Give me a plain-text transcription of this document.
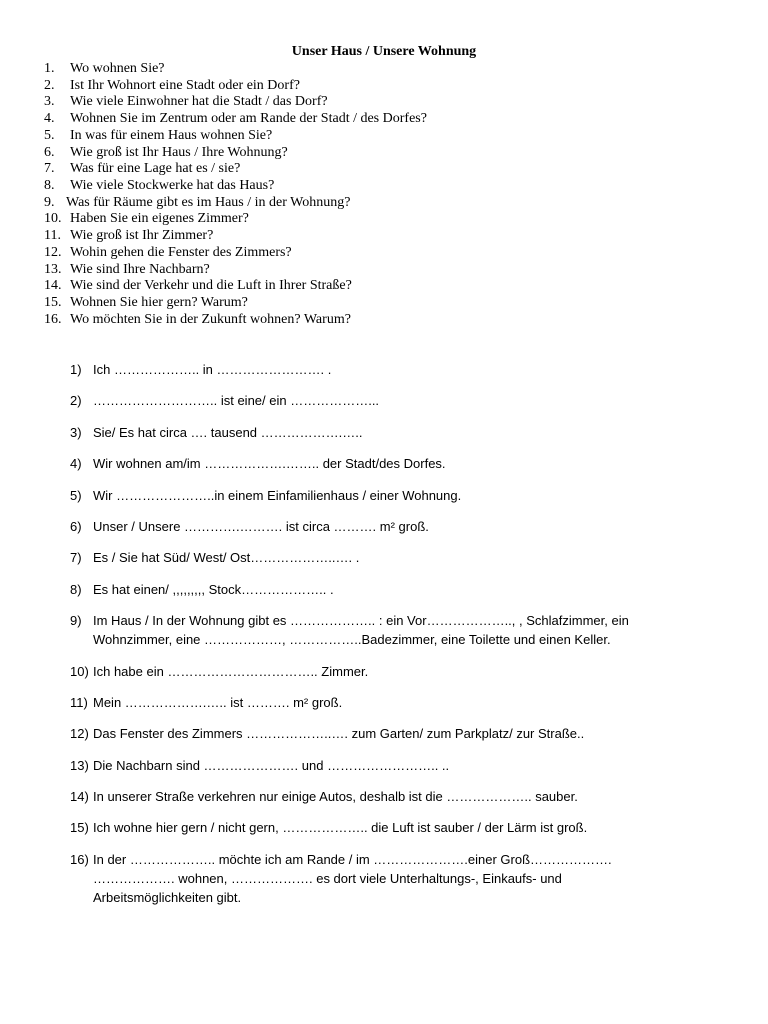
Unser Haus / Unsere Wohnung
1. Wo wohnen Sie?
2. Ist Ihr Wohnort eine Stadt oder ein Dorf?
3. Wie viele Einwohner hat die Stadt / das Dorf?
4. Wohnen Sie im Zentrum oder am Rande der Stadt / des Dorfes?
5. In was für einem Haus wohnen Sie?
6. Wie groß ist Ihr Haus / Ihre Wohnung?
7. Was für eine Lage hat es / sie?
8. Wie viele Stockwerke hat das Haus?
9. Was für Räume gibt es im Haus / in der Wohnung?
10. Haben Sie ein eigenes Zimmer?
11. Wie groß ist Ihr Zimmer?
12. Wohin gehen die Fenster des Zimmers?
13. Wie sind Ihre Nachbarn?
14. Wie sind der Verkehr und die Luft in Ihrer Straße?
15. Wohnen Sie hier gern? Warum?
16. Wo möchten Sie in der Zukunft wohnen? Warum?
1) Ich ……………….. in ……………………. .
2) ……………………….. ist eine/ ein ………………...
3) Sie/ Es hat circa …. tausend ……………….…..
4) Wir wohnen am/im ……………….…….. der Stadt/des Dorfes.
5) Wir …………………..in einem Einfamilienhaus / einer Wohnung.
6) Unser / Unsere ………….………. ist circa ………. m² groß.
7) Es / Sie hat Süd/ West/ Ost………………..…. .
8) Es hat einen/ ,,,,,,,,, Stock……………….. .
9) Im Haus / In der Wohnung gibt es ……………….. : ein Vor……………….., , Schlafzimmer, ein
Wohnzimmer, eine ………………, ……………..Badezimmer, eine Toilette und einen Keller.
10) Ich habe ein …………………………….. Zimmer.
11) Mein ……………….….. ist ………. m² groß.
12) Das Fenster des Zimmers ………………..…. zum Garten/ zum Parkplatz/ zur Straße..
13) Die Nachbarn sind …………………. und …………………….. ..
14) In unserer Straße verkehren nur einige Autos, deshalb ist die ……………….. sauber.
15) Ich wohne hier gern / nicht gern, ……………….. die Luft ist sauber / der Lärm ist groß.
16) In der ……………….. möchte ich am Rande / im ………………….einer Groß……………….
………………. wohnen, ………………. es dort viele Unterhaltungs-, Einkaufs- und
Arbeitsmöglichkeiten gibt.
